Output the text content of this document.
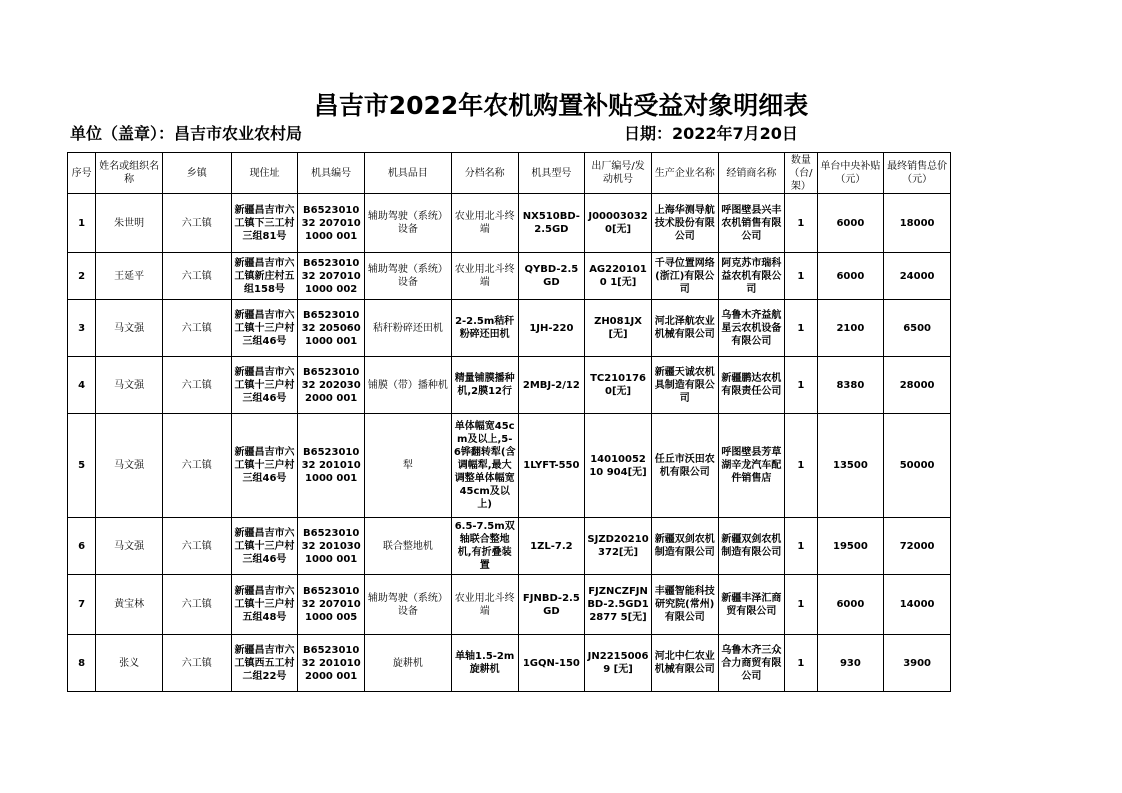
昌吉市2022年农机购置补贴受益对象明细表
单位（盖章）：昌吉市农业农村局	日期：2022年7月20日
序号	姓名或组织名称	乡镇	现住址	机具编号	机具品目	分档名称	机具型号	出厂编号/发动机号	生产企业名称	经销商名称	数量（台/架）	单台中央补贴（元）	最终销售总价（元）
1	朱世明	六工镇	新疆昌吉市六工镇下三工村三组81号	B652301032 2070101000 001	辅助驾驶（系统）设备	农业用北斗终端	NX510BD-2.5GD	J000030320[无]	上海华测导航技术股份有限公司	呼图壁县兴丰农机销售有限公司	1	6000	18000
2	王延平	六工镇	新疆昌吉市六工镇新庄村五组158号	B652301032 2070101000 002	辅助驾驶（系统）设备	农业用北斗终端	QYBD-2.5GD	AG2201010 1[无]	千寻位置网络(浙江)有限公司	阿克苏市瑞科益农机有限公司	1	6000	24000
3	马文强	六工镇	新疆昌吉市六工镇十三户村三组46号	B652301032 2050601000 001	秸秆粉碎还田机	2-2.5m秸秆粉碎还田机	1JH-220	ZH081JX [无]	河北泽航农业机械有限公司	乌鲁木齐益航星云农机设备有限公司	1	2100	6500
4	马文强	六工镇	新疆昌吉市六工镇十三户村三组46号	B652301032 2020302000 001	铺膜（带）播种机	精量铺膜播种机,2膜12行	2MBJ-2/12	TC2101760[无]	新疆天诚农机具制造有限公司	新疆鹏达农机有限责任公司	1	8380	28000
5	马文强	六工镇	新疆昌吉市六工镇十三户村三组46号	B652301032 2010101000 001	犁	单体幅宽45cm及以上,5-6铧翻转犁(含调幅犁,最大调整单体幅宽45cm及以上)	1LYFT-550	1401005210 904[无]	任丘市沃田农机有限公司	呼图壁县芳草湖辛龙汽车配件销售店	1	13500	50000
6	马文强	六工镇	新疆昌吉市六工镇十三户村三组46号	B652301032 2010301000 001	联合整地机	6.5-7.5m双轴联合整地机,有折叠装置	1ZL-7.2	SJZD20210 372[无]	新疆双剑农机制造有限公司	新疆双剑农机制造有限公司	1	19500	72000
7	黄宝林	六工镇	新疆昌吉市六工镇十三户村五组48号	B652301032 2070101000 005	辅助驾驶（系统）设备	农业用北斗终端	FJNBD-2.5GD	FJZNCZFJNBD-2.5GD12877 5[无]	丰疆智能科技研究院(常州)有限公司	新疆丰泽汇商贸有限公司	1	6000	14000
8	张义	六工镇	新疆昌吉市六工镇西五工村二组22号	B652301032 2010102000 001	旋耕机	单轴1.5-2m旋耕机	1GQN-150	JN22150069 [无]	河北中仁农业机械有限公司	乌鲁木齐三众合力商贸有限公司	1	930	3900
